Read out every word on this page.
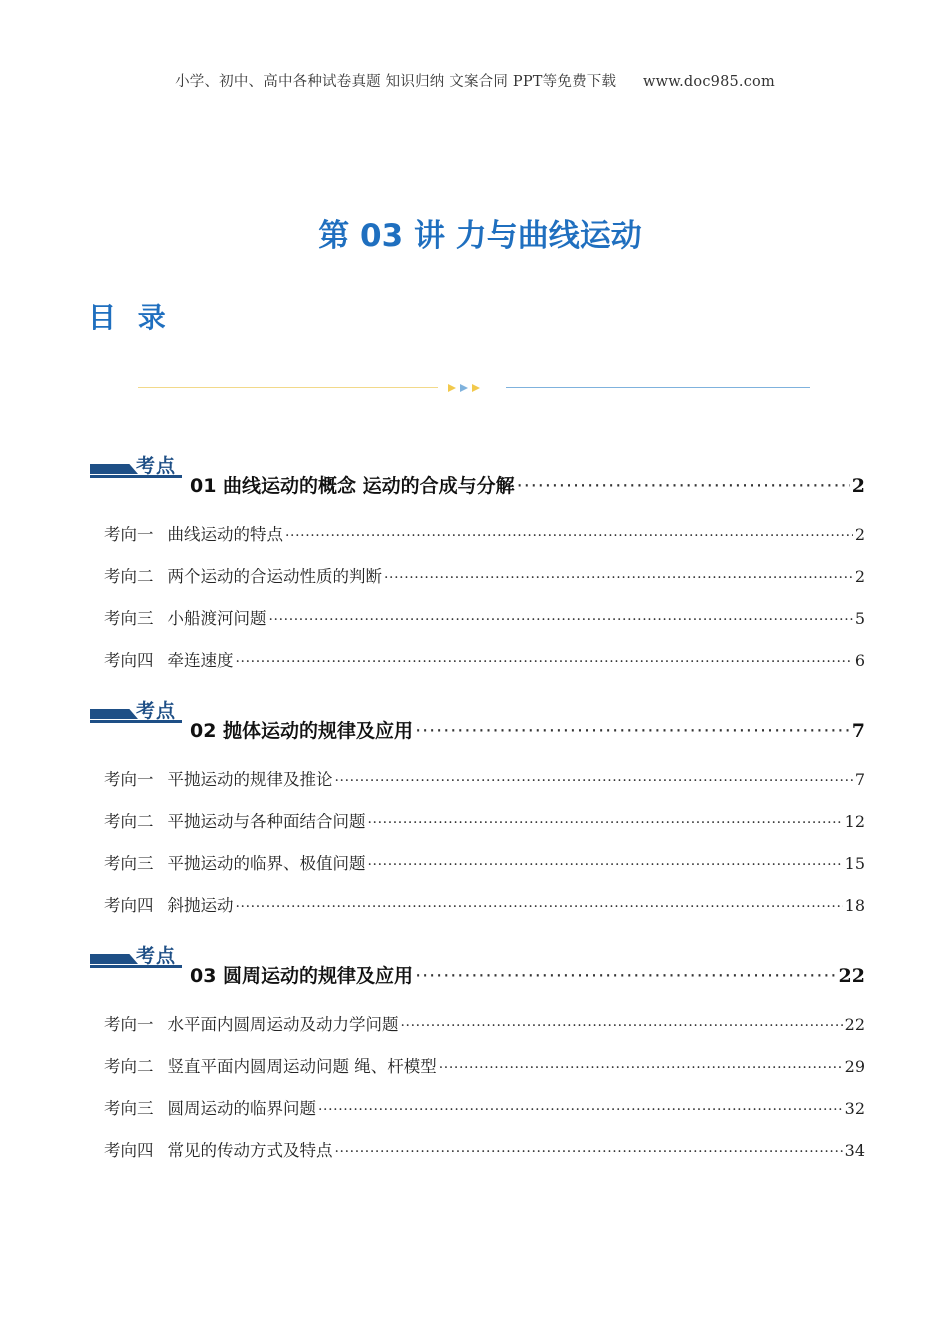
小学、初中、高中各种试卷真题 知识归纳 文案合同 PPT等免费下载 www.doc985.com
第 03 讲 力与曲线运动
目 录
考点
01 曲线运动的概念 运动的合成与分解 ·····	2
考向一 曲线运动的特点 ·····	2
考向二 两个运动的合运动性质的判断 ·····	2
考向三 小船渡河问题 ·····	5
考向四 牵连速度 ·····	6
考点
02 抛体运动的规律及应用 ·····	7
考向一 平抛运动的规律及推论 ·····	7
考向二 平抛运动与各种面结合问题 ·····	12
考向三 平抛运动的临界、极值问题 ·····	15
考向四 斜抛运动 ·····	18
考点
03 圆周运动的规律及应用 ·····	22
考向一 水平面内圆周运动及动力学问题 ·····	22
考向二 竖直平面内圆周运动问题 绳、杆模型 ·····	29
考向三 圆周运动的临界问题 ·····	32
考向四 常见的传动方式及特点 ·····	34
